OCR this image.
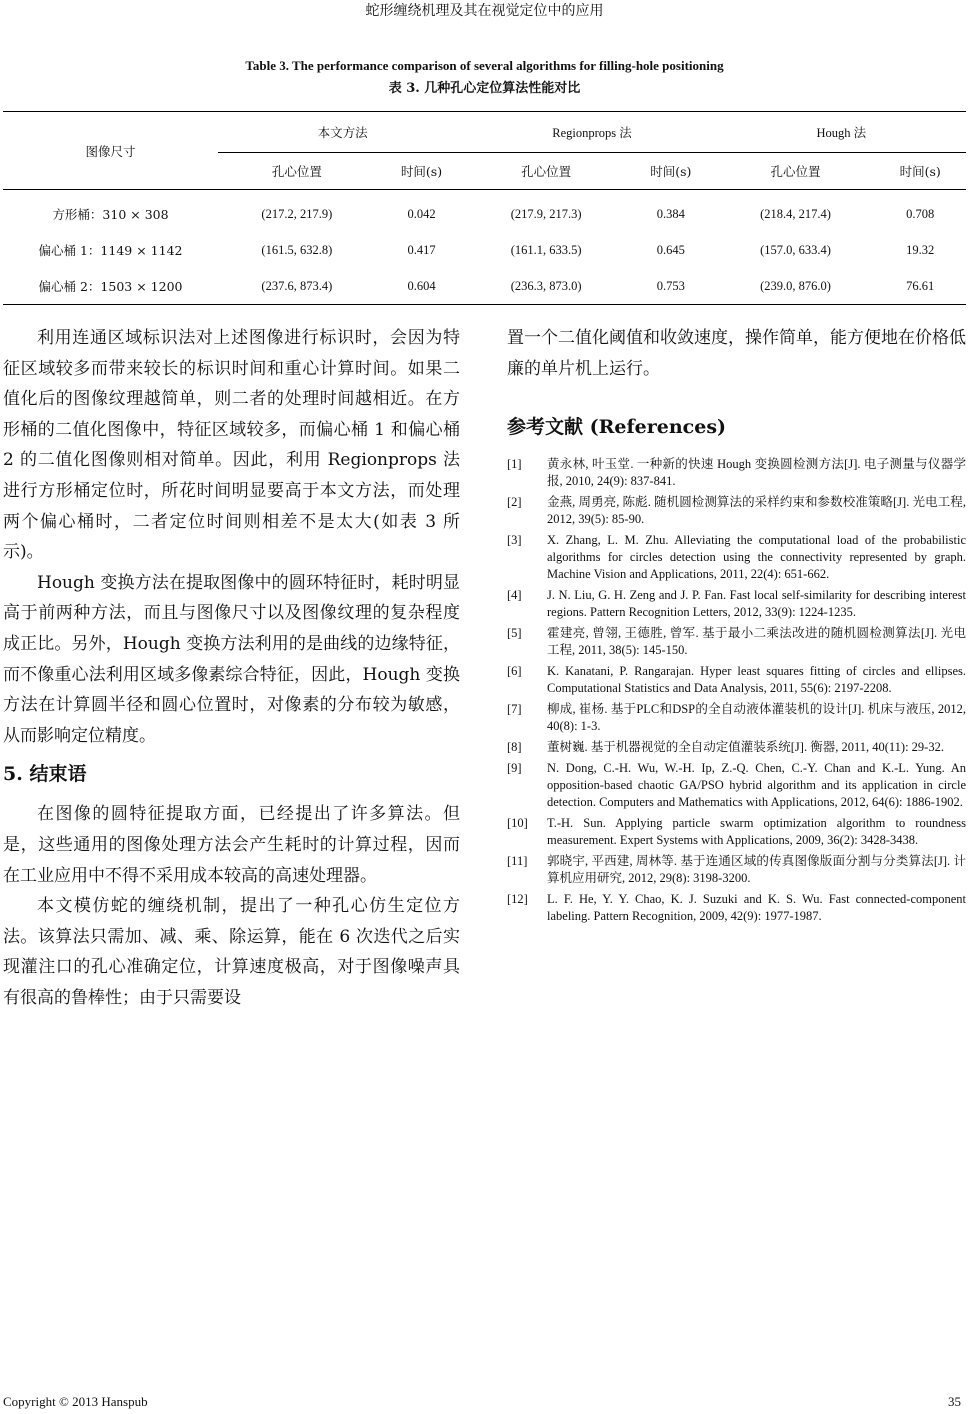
蛇形缠绕机理及其在视觉定位中的应用
Table 3. The performance comparison of several algorithms for filling-hole positioning
表 3. 几种孔心定位算法性能对比
图像尺寸	本文方法		Regionprops 法		Hough 法	
	孔心位置	时间(s)	孔心位置	时间(s)	孔心位置	时间(s)
方形桶：310 × 308	(217.2, 217.9)	0.042	(217.9, 217.3)	0.384	(218.4, 217.4)	0.708
偏心桶 1：1149 × 1142	(161.5, 632.8)	0.417	(161.1, 633.5)	0.645	(157.0, 633.4)	19.32
偏心桶 2：1503 × 1200	(237.6, 873.4)	0.604	(236.3, 873.0)	0.753	(239.0, 876.0)	76.61

利用连通区域标识法对上述图像进行标识时，会因为特征区域较多而带来较长的标识时间和重心计算时间。如果二值化后的图像纹理越简单，则二者的处理时间越相近。在方形桶的二值化图像中，特征区域较多，而偏心桶 1 和偏心桶 2 的二值化图像则相对简单。因此，利用 Regionprops 法进行方形桶定位时，所花时间明显要高于本文方法，而处理两个偏心桶时，二者定位时间则相差不是太大(如表 3 所示)。

Hough 变换方法在提取图像中的圆环特征时，耗时明显高于前两种方法，而且与图像尺寸以及图像纹理的复杂程度成正比。另外，Hough 变换方法利用的是曲线的边缘特征，而不像重心法利用区域多像素综合特征，因此，Hough 变换方法在计算圆半径和圆心位置时，对像素的分布较为敏感，从而影响定位精度。

5. 结束语

在图像的圆特征提取方面，已经提出了许多算法。但是，这些通用的图像处理方法会产生耗时的计算过程，因而在工业应用中不得不采用成本较高的高速处理器。

本文模仿蛇的缠绕机制，提出了一种孔心仿生定位方法。该算法只需加、减、乘、除运算，能在 6 次迭代之后实现灌注口的孔心准确定位，计算速度极高，对于图像噪声具有很高的鲁棒性；由于只需要设

置一个二值化阈值和收敛速度，操作简单，能方便地在价格低廉的单片机上运行。

参考文献 (References)
[1] 黄永林, 叶玉堂. 一种新的快速 Hough 变换圆检测方法[J]. 电子测量与仪器学报, 2010, 24(9): 837-841.
[2] 金燕, 周勇亮, 陈彪. 随机圆检测算法的采样约束和参数校准策略[J]. 光电工程, 2012, 39(5): 85-90.
[3] X. Zhang, L. M. Zhu. Alleviating the computational load of the probabilistic algorithms for circles detection using the connectivity represented by graph. Machine Vision and Applications, 2011, 22(4): 651-662.
[4] J. N. Liu, G. H. Zeng and J. P. Fan. Fast local self-similarity for describing interest regions. Pattern Recognition Letters, 2012, 33(9): 1224-1235.
[5] 霍建亮, 曾翎, 王德胜, 曾军. 基于最小二乘法改进的随机圆检测算法[J]. 光电工程, 2011, 38(5): 145-150.
[6] K. Kanatani, P. Rangarajan. Hyper least squares fitting of circles and ellipses. Computational Statistics and Data Analysis, 2011, 55(6): 2197-2208.
[7] 柳成, 崔杨. 基于PLC和DSP的全自动液体灌装机的设计[J]. 机床与液压, 2012, 40(8): 1-3.
[8] 董树巍. 基于机器视觉的全自动定值灌装系统[J]. 衡器, 2011, 40(11): 29-32.
[9] N. Dong, C.-H. Wu, W.-H. Ip, Z.-Q. Chen, C.-Y. Chan and K.-L. Yung. An opposition-based chaotic GA/PSO hybrid algorithm and its application in circle detection. Computers and Mathematics with Applications, 2012, 64(6): 1886-1902.
[10] T.-H. Sun. Applying particle swarm optimization algorithm to roundness measurement. Expert Systems with Applications, 2009, 36(2): 3428-3438.
[11] 郭晓宇, 平西建, 周林等. 基于连通区域的传真图像版面分割与分类算法[J]. 计算机应用研究, 2012, 29(8): 3198-3200.
[12] L. F. He, Y. Y. Chao, K. J. Suzuki and K. S. Wu. Fast connected-component labeling. Pattern Recognition, 2009, 42(9): 1977-1987.
Copyright © 2013 Hanspub	35
